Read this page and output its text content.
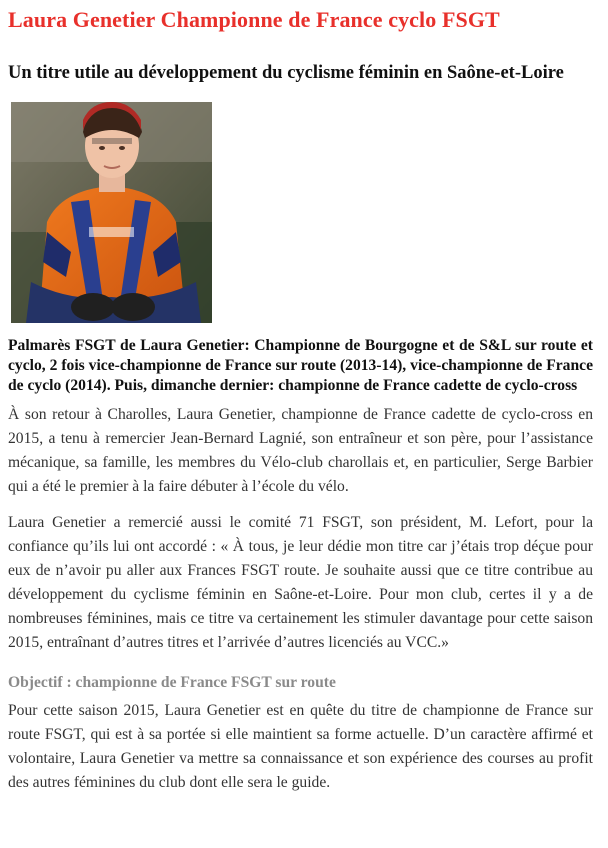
Laura Genetier Championne de France cyclo FSGT
Un titre utile au développement du cyclisme féminin en Saône-et-Loire

Palmarès FSGT de Laura Genetier: Championne de Bourgogne et de S&L sur route et cyclo, 2 fois vice-championne de France sur route (2013-14), vice-championne de France de cyclo (2014). Puis, dimanche dernier: championne de France cadette de cyclo-cross

À son retour à Charolles, Laura Genetier, championne de France cadette de cyclo-cross en 2015, a tenu à remercier Jean-Bernard Lagnié, son entraîneur et son père, pour l’assistance mécanique, sa famille, les membres du Vélo-club charollais et, en particulier, Serge Barbier qui a été le premier à la faire débuter à l’école du vélo.

Laura Genetier a remercié aussi le comité 71 FSGT, son président, M. Lefort, pour la confiance qu’ils lui ont accordé : « À tous, je leur dédie mon titre car j’étais trop déçue pour eux de n’avoir pu aller aux Frances FSGT route. Je souhaite aussi que ce titre contribue au développement du cyclisme féminin en Saône-et-Loire. Pour mon club, certes il y a de nombreuses féminines, mais ce titre va certainement les stimuler davantage pour cette saison 2015, entraînant d’autres titres et l’arrivée d’autres licenciés au VCC.»

Objectif : championne de France FSGT sur route

Pour cette saison 2015, Laura Genetier est en quête du titre de championne de France sur route FSGT, qui est à sa portée si elle maintient sa forme actuelle. D’un caractère affirmé et volontaire, Laura Genetier va mettre sa connaissance et son expérience des courses au profit des autres féminines du club dont elle sera le guide.
